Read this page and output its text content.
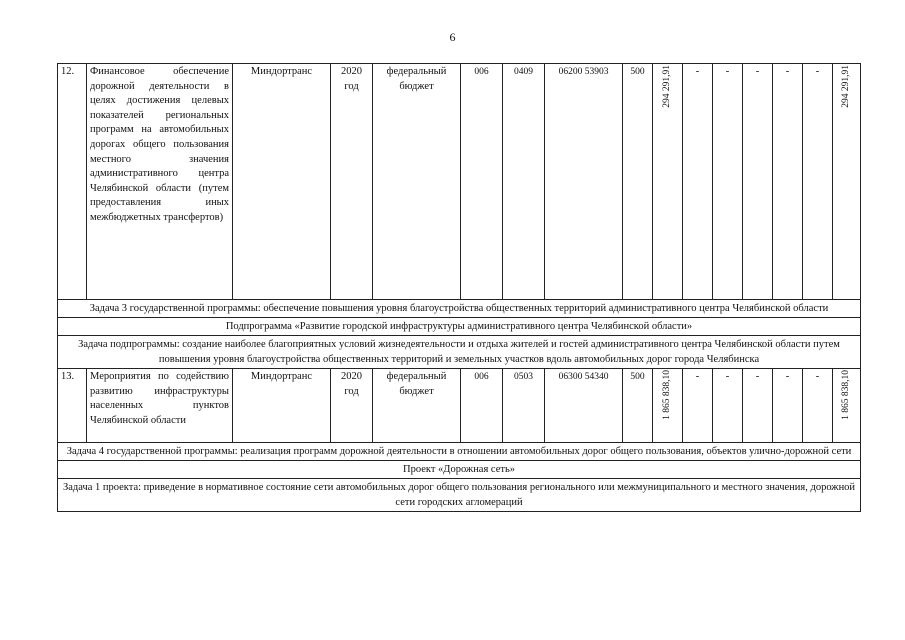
6
12.	Финансовое обеспечение дорожной деятельности в целях достижения целевых показателей региональных программ на автомобильных дорогах общего пользования местного значения административного центра Челябинской области (путем предоставления иных межбюджетных трансфертов)	Миндортранс	2020 год	федеральный бюджет	006	0409	06200 53903	500	294 291,91	-	-	-	-	-	294 291,91
Задача 3 государственной программы: обеспечение повышения уровня благоустройства общественных территорий административного центра Челябинской области															
Подпрограмма «Развитие городской инфраструктуры административного центра Челябинской области»															
Задача подпрограммы: создание наиболее благоприятных условий жизнедеятельности и отдыха жителей и гостей административного центра Челябинской области путем повышения уровня благоустройства общественных территорий и земельных участков вдоль автомобильных дорог города Челябинска															
13.	Мероприятия по содействию развитию инфраструктуры населенных пунктов Челябинской области	Миндортранс	2020 год	федеральный бюджет	006	0503	06300 54340	500	1 865 838,10	-	-	-	-	-	1 865 838,10
Задача 4 государственной программы: реализация программ дорожной деятельности в отношении автомобильных дорог общего пользования, объектов улично-дорожной сети															
Проект «Дорожная сеть»															
Задача 1 проекта: приведение в нормативное состояние сети автомобильных дорог общего пользования регионального или межмуниципального и местного значения, дорожной сети городских агломераций															
